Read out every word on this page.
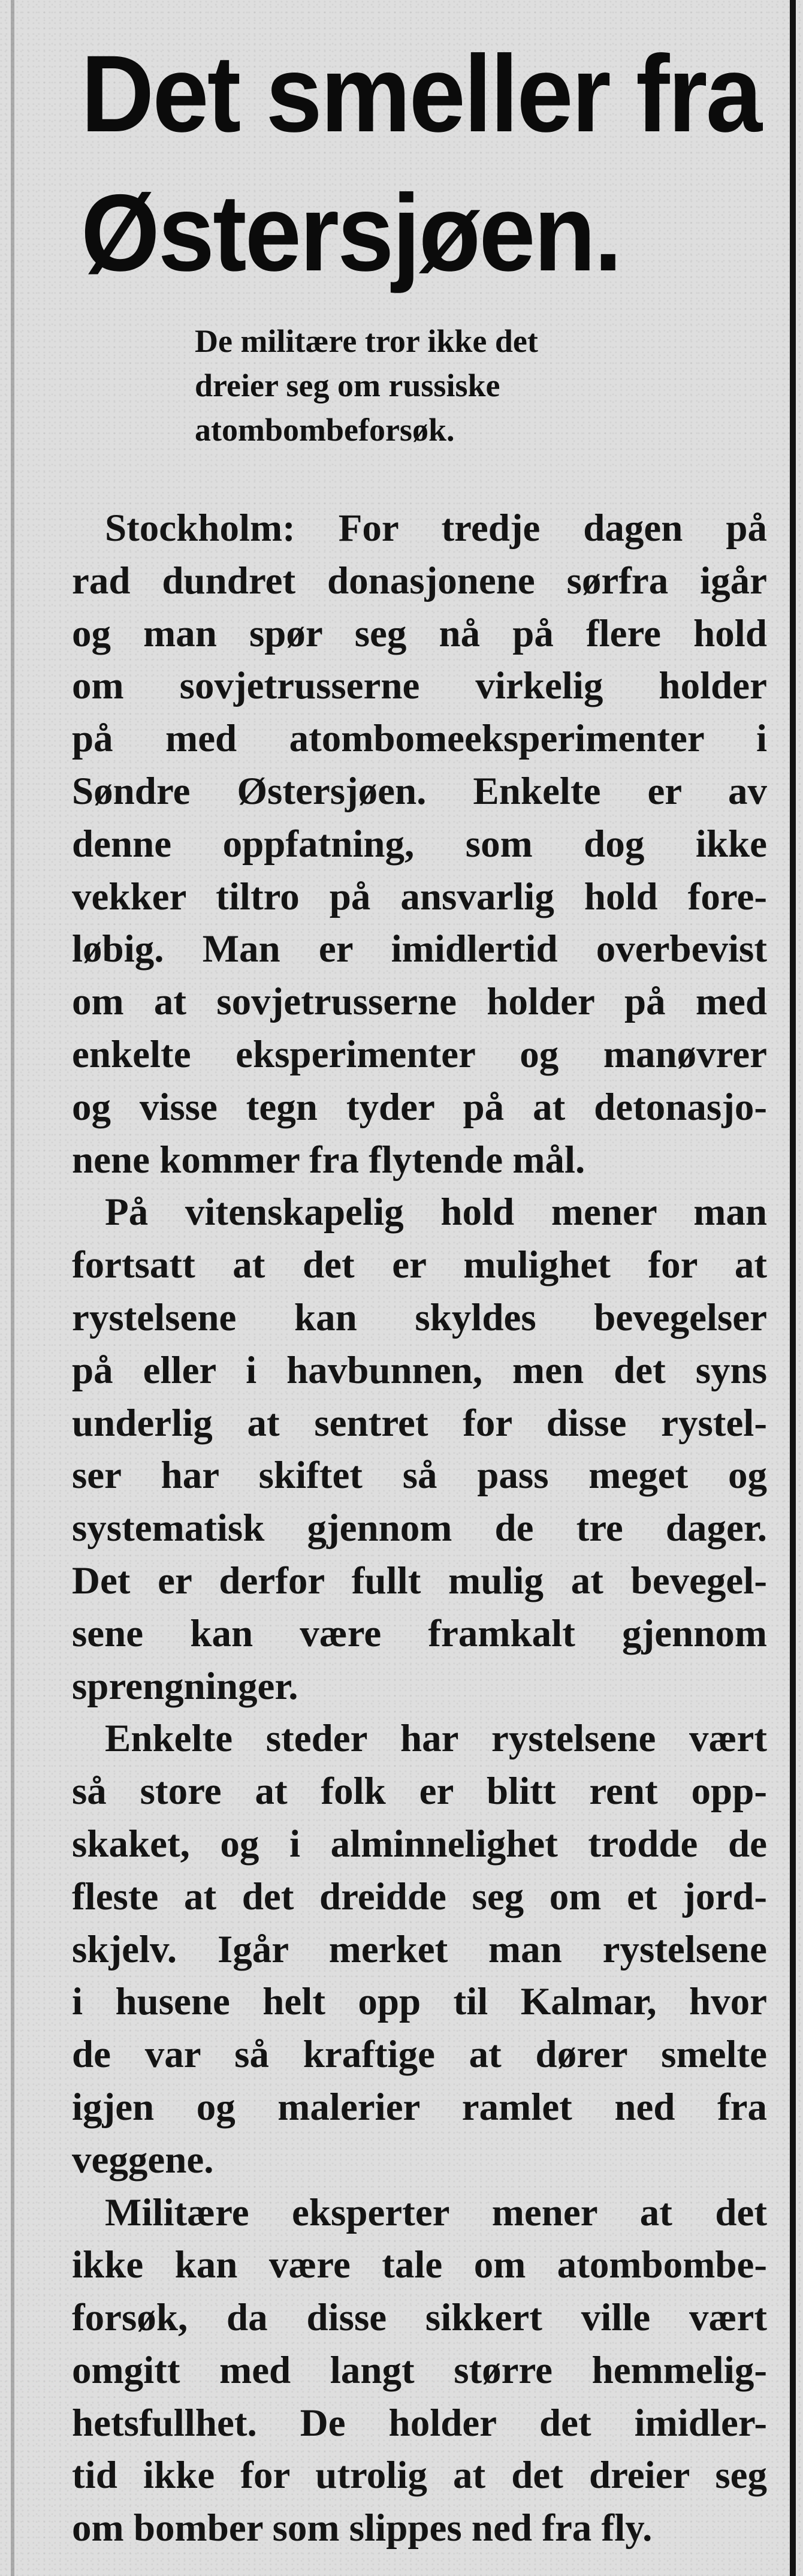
Det smeller fra
Østersjøen.
De militære tror ikke det
dreier seg om russiske
atombombeforsøk.
Stockholm: For tredje dagen på
rad dundret donasjonene sørfra igår
og man spør seg nå på flere hold
om sovjetrusserne virkelig holder
på med atombomeeksperimenter i
Søndre Østersjøen. Enkelte er av
denne oppfatning, som dog ikke
vekker tiltro på ansvarlig hold fore-
løbig. Man er imidlertid overbevist
om at sovjetrusserne holder på med
enkelte eksperimenter og manøvrer
og visse tegn tyder på at detonasjo-
nene kommer fra flytende mål.
På vitenskapelig hold mener man
fortsatt at det er mulighet for at
rystelsene kan skyldes bevegelser
på eller i havbunnen, men det syns
underlig at sentret for disse rystel-
ser har skiftet så pass meget og
systematisk gjennom de tre dager.
Det er derfor fullt mulig at bevegel-
sene kan være framkalt gjennom
sprengninger.
Enkelte steder har rystelsene vært
så store at folk er blitt rent opp-
skaket, og i alminnelighet trodde de
fleste at det dreidde seg om et jord-
skjelv. Igår merket man rystelsene
i husene helt opp til Kalmar, hvor
de var så kraftige at dører smelte
igjen og malerier ramlet ned fra
veggene.
Militære eksperter mener at det
ikke kan være tale om atombombe-
forsøk, da disse sikkert ville vært
omgitt med langt større hemmelig-
hetsfullhet. De holder det imidler-
tid ikke for utrolig at det dreier seg
om bomber som slippes ned fra fly.
